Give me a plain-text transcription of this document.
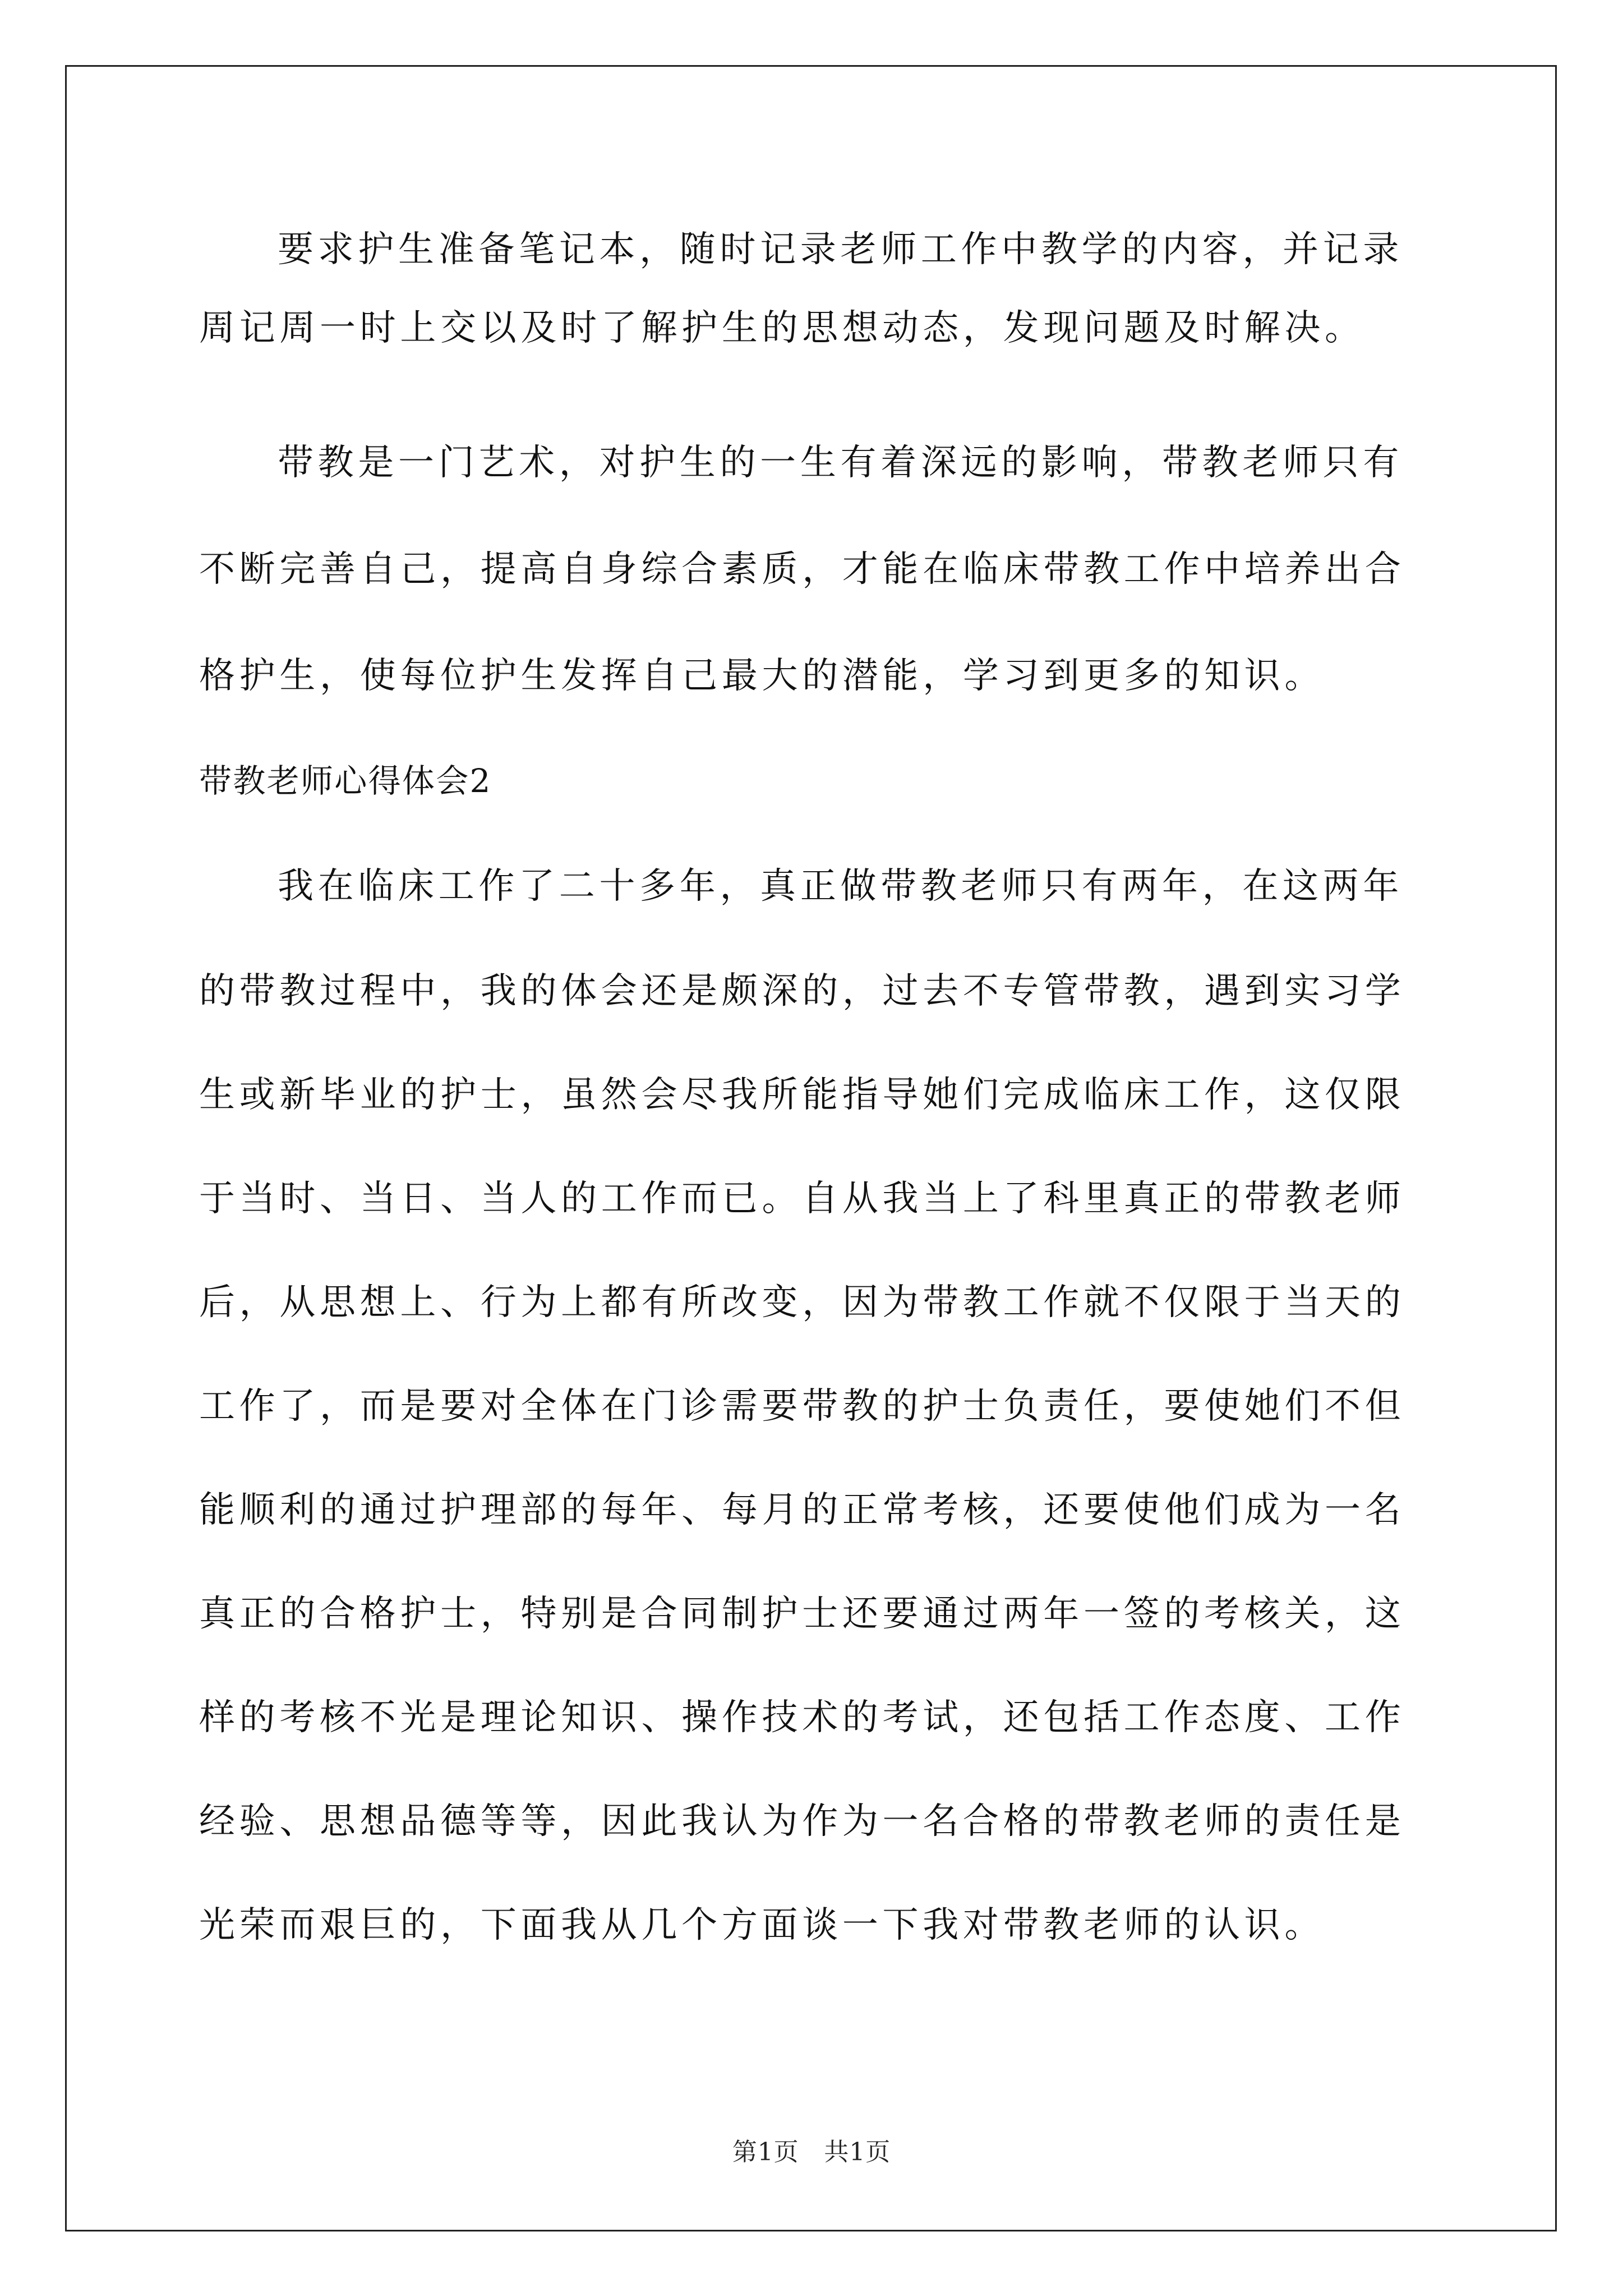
要求护生准备笔记本，随时记录老师工作中教学的内容，并记录
周记周一时上交以及时了解护生的思想动态，发现问题及时解决。
带教是一门艺术，对护生的一生有着深远的影响，带教老师只有
不断完善自己，提高自身综合素质，才能在临床带教工作中培养出合
格护生，使每位护生发挥自己最大的潜能，学习到更多的知识。
带教老师心得体会2
我在临床工作了二十多年，真正做带教老师只有两年，在这两年
的带教过程中，我的体会还是颇深的，过去不专管带教，遇到实习学
生或新毕业的护士，虽然会尽我所能指导她们完成临床工作，这仅限
于当时、当日、当人的工作而已。自从我当上了科里真正的带教老师
后，从思想上、行为上都有所改变，因为带教工作就不仅限于当天的
工作了，而是要对全体在门诊需要带教的护士负责任，要使她们不但
能顺利的通过护理部的每年、每月的正常考核，还要使他们成为一名
真正的合格护士，特别是合同制护士还要通过两年一签的考核关，这
样的考核不光是理论知识、操作技术的考试，还包括工作态度、工作
经验、思想品德等等，因此我认为作为一名合格的带教老师的责任是
光荣而艰巨的，下面我从几个方面谈一下我对带教老师的认识。
第1页　共1页
